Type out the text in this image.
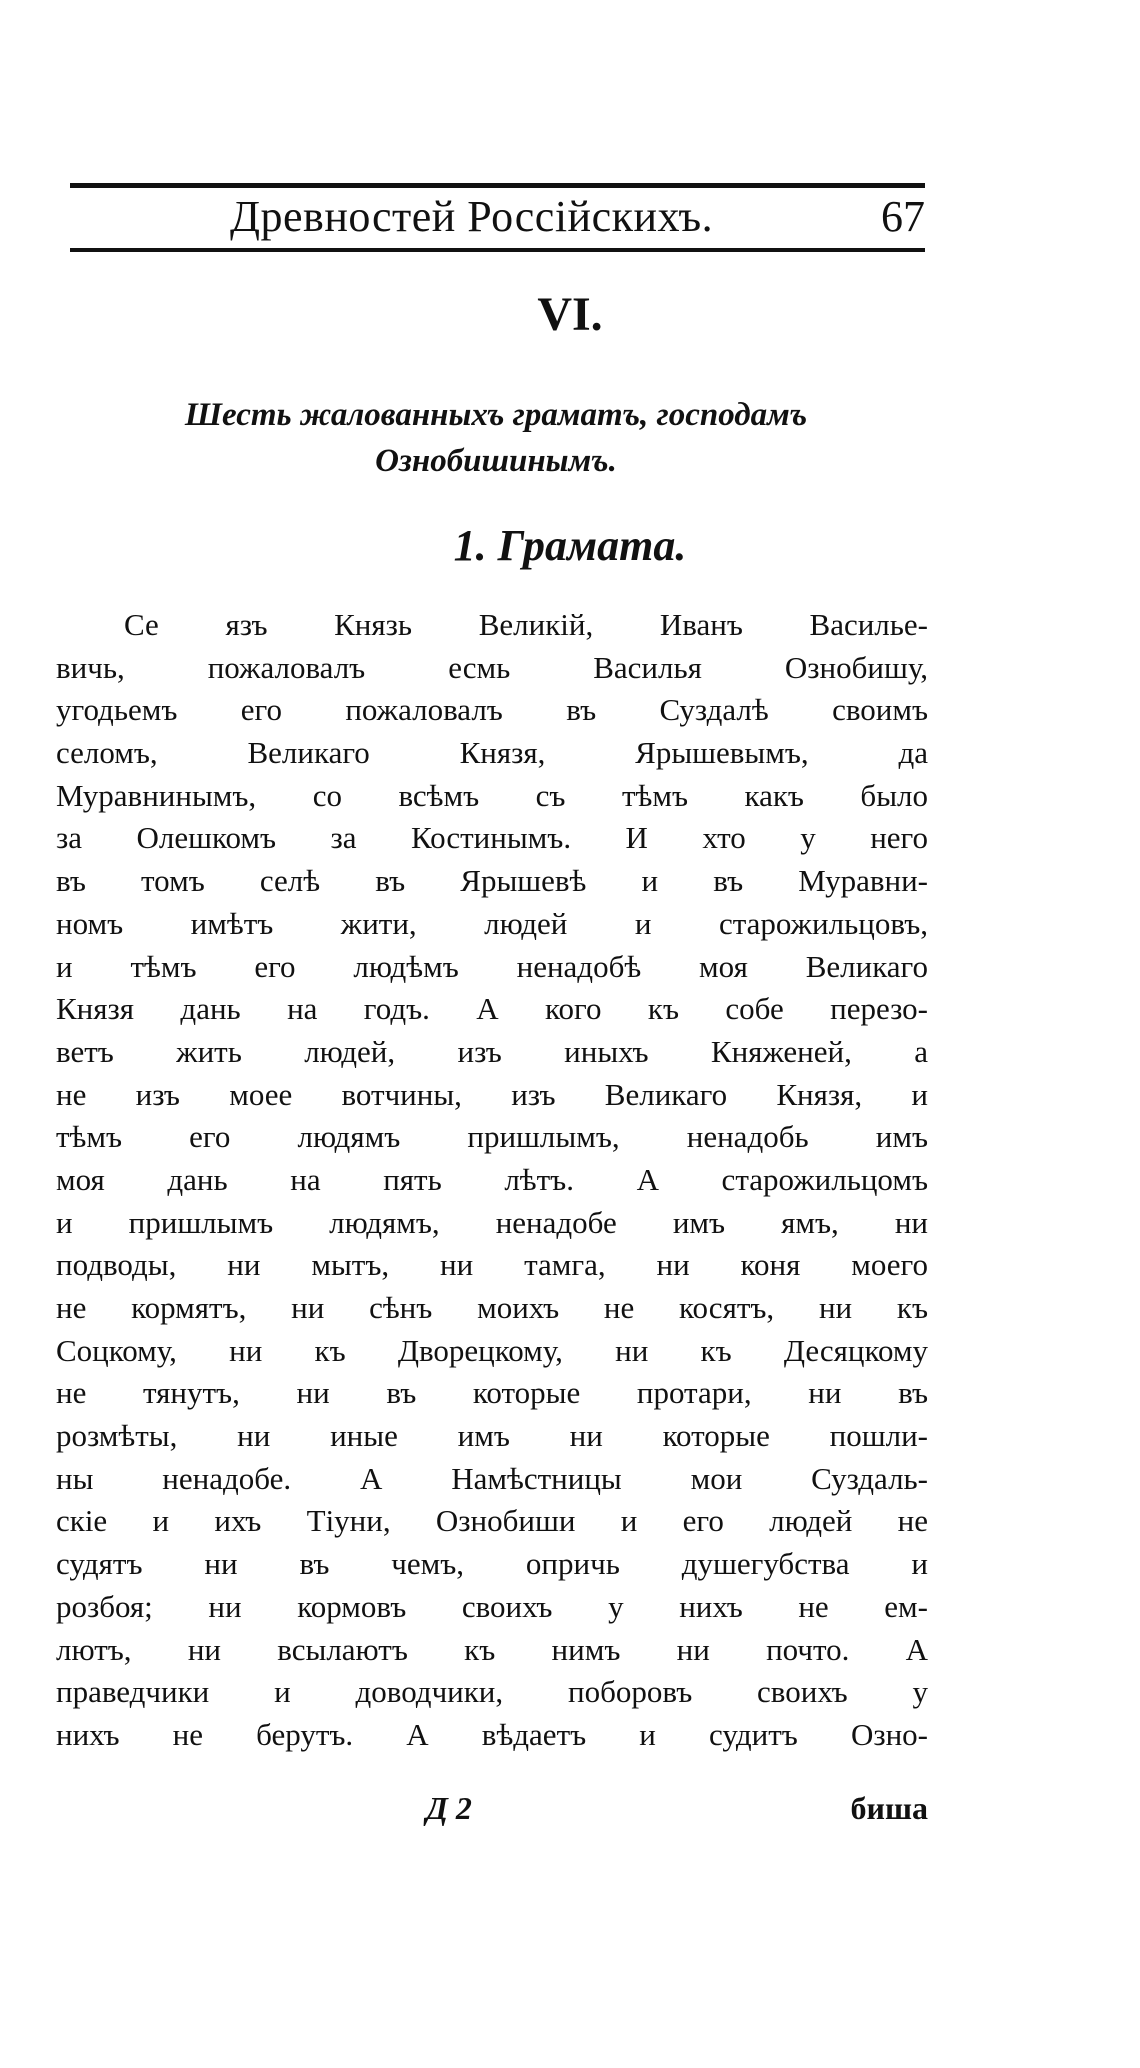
Древностей Россiйскихъ.	67
VI.
Шесть жалованныхъ граматъ, господамъ
Ознобишинымъ.
1. Грамата.
Се язъ Князь Великiй, Иванъ Василье-
вичь, пожаловалъ есмь Василья Ознобишу,
угодьемъ его пожаловалъ въ Суздалѣ своимъ
селомъ, Великаго Князя, Ярышевымъ, да
Муравнинымъ, со всѣмъ съ тѣмъ какъ было
за Олешкомъ за Костинымъ. И хто у него
въ томъ селѣ въ Ярышевѣ и въ Муравни-
номъ имѣтъ жити, людей и старожильцовъ,
и тѣмъ его людѣмъ ненадобѣ моя Великаго
Князя дань на годъ. А кого къ собе перезо-
ветъ жить людей, изъ иныхъ Княженей, а
не изъ моее вотчины, изъ Великаго Князя, и
тѣмъ его людямъ пришлымъ, ненадобь имъ
моя дань на пять лѣтъ. А старожильцомъ
и пришлымъ людямъ, ненадобе имъ ямъ, ни
подводы, ни мытъ, ни тамга, ни коня моего
не кормятъ, ни сѣнъ моихъ не косятъ, ни къ
Соцкому, ни къ Дворецкому, ни къ Десяцкому
не тянутъ, ни въ которые протари, ни въ
розмѣты, ни иные имъ ни которые пошли-
ны ненадобе. А Намѣстницы мои Суздаль-
скiе и ихъ Тiуни, Ознобиши и его людей не
судятъ ни въ чемъ, опричь душегубства и
розбоя; ни кормовъ своихъ у нихъ не ем-
лютъ, ни всылаютъ къ нимъ ни почто. А
праведчики и доводчики, поборовъ своихъ у
нихъ не берутъ. А вѣдаетъ и судитъ Озно-
Д 2	биша
